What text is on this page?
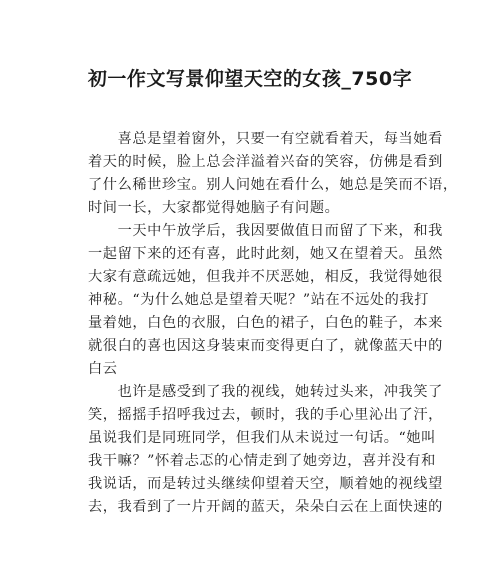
初一作文写景仰望天空的女孩_750字
　　喜总是望着窗外，只要一有空就看着天，每当她看
着天的时候，脸上总会洋溢着兴奋的笑容，仿佛是看到
了什么稀世珍宝。别人问她在看什么，她总是笑而不语，
时间一长，大家都觉得她脑子有问题。
　　一天中午放学后，我因要做值日而留了下来，和我
一起留下来的还有喜，此时此刻，她又在望着天。虽然
大家有意疏远她，但我并不厌恶她，相反，我觉得她很
神秘。“为什么她总是望着天呢？”站在不远处的我打
量着她，白色的衣服，白色的裙子，白色的鞋子，本来
就很白的喜也因这身装束而变得更白了，就像蓝天中的
白云
　　也许是感受到了我的视线，她转过头来，冲我笑了
笑，摇摇手招呼我过去，顿时，我的手心里沁出了汗，
虽说我们是同班同学，但我们从未说过一句话。“她叫
我干嘛？”怀着忐忑的心情走到了她旁边，喜并没有和
我说话，而是转过头继续仰望着天空，顺着她的视线望
去，我看到了一片开阔的蓝天，朵朵白云在上面快速的
